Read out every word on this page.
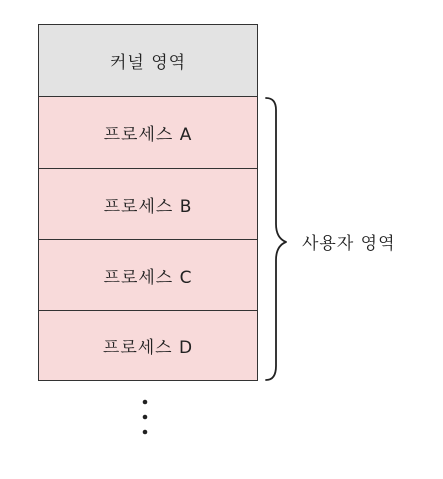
커널 영역
프로세스 A
프로세스 B
프로세스 C
프로세스 D
사용자 영역
